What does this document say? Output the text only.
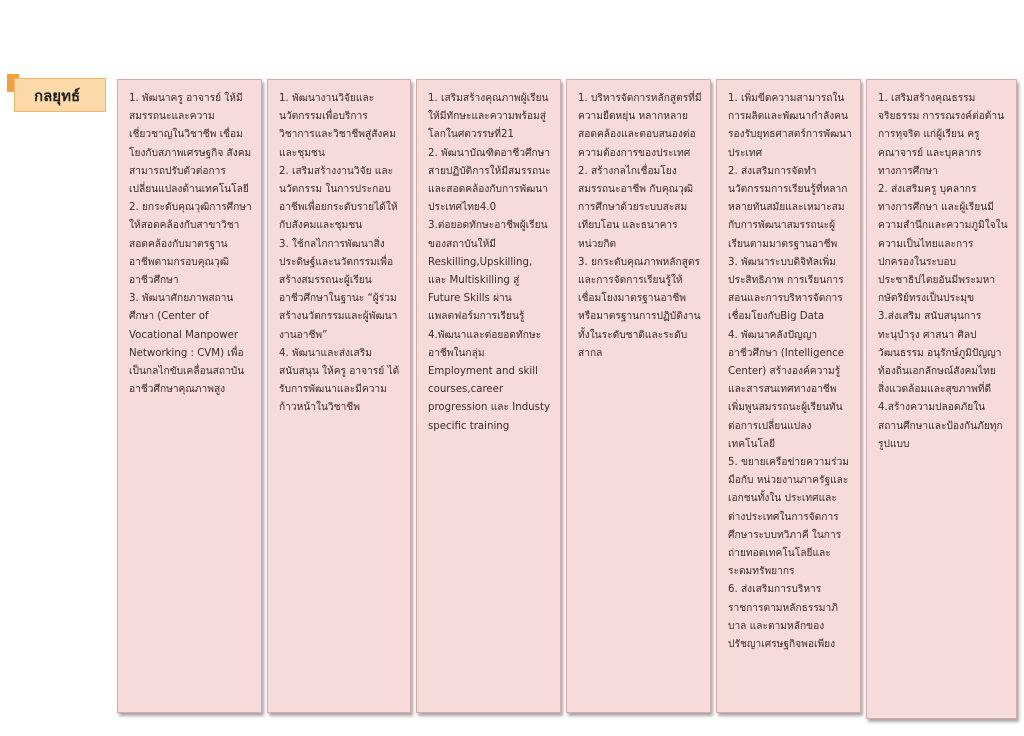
กลยุทธ์	1. พัฒนาครู อาจารย์ ให้มีสมรรถนะและความเชี่ยวชาญในวิชาชีพ เชื่อมโยงกับสภาพเศรษฐกิจ สังคมสามารถปรับตัวต่อการเปลี่ยนแปลงด้านเทคโนโลยี
2. ยกระดับคุณวุฒิการศึกษาให้สอดคล้องกับสาขาวิชาสอดคล้องกับมาตรฐานอาชีพตามกรอบคุณวุฒิอาชีวศึกษา
3. พัฒนาศักยภาพสถานศึกษา (Center of Vocational Manpower Networking : CVM) เพื่อเป็นกลไกขับเคลื่อนสถาบันอาชีวศึกษาคุณภาพสูง

1. พัฒนางานวิจัยและนวัตกรรมเพื่อบริการวิชาการและวิชาชีพสู่สังคมและชุมชน
2. เสริมสร้างงานวิจัย และนวัตกรรม ในการประกอบอาชีพเพื่อยกระดับรายได้ให้กับสังคมและชุมชน
3. ใช้กลไกการพัฒนาสิ่งประดิษฐ์และนวัตกรรมเพื่อสร้างสมรรถนะผู้เรียนอาชีวศึกษาในฐานะ “ผู้ร่วมสร้างนวัตกรรมและผู้พัฒนางานอาชีพ”
4. พัฒนาและส่งเสริม สนับสนุน ให้ครู อาจารย์ ได้รับการพัฒนาและมีความก้าวหน้าในวิชาชีพ

1. เสริมสร้างคุณภาพผู้เรียนให้มีทักษะและความพร้อมสู่โลกในศตวรรษที่21
2. พัฒนาบัณฑิตอาชีวศึกษาสายปฏิบัติการให้มีสมรรถนะและสอดคล้องกับการพัฒนาประเทศไทย4.0
3.ต่อยอดทักษะอาชีพผู้เรียนของสถาบันให้มี Reskilling,Upskilling, และ Multiskilling สู่ Future Skills ผ่านแพลตฟอร์มการเรียนรู้
4.พัฒนาและต่อยอดทักษะอาชีพในกลุ่ม Employment and skill courses,career progression และ Industy specific training

1. บริหารจัดการหลักสูตรที่มีความยืดหยุ่น หลากหลาย สอดคล้องและตอบสนองต่อความต้องการของประเทศ
2. สร้างกลไกเชื่อมโยงสมรรถนะอาชีพ กับคุณวุฒิการศึกษาด้วยระบบสะสมเทียบโอน และธนาคารหน่วยกิต
3. ยกระดับคุณภาพหลักสูตรและการจัดการเรียนรู้ให้เชื่อมโยงมาตรฐานอาชีพหรือมาตรฐานการปฏิบัติงานทั้งในระดับชาติและระดับสากล

1. เพิ่มขีดความสามารถในการผลิตและพัฒนากำลังคนรองรับยุทธศาสตร์การพัฒนาประเทศ
2. ส่งเสริมการจัดทำนวัตกรรมการเรียนรู้ที่หลากหลายทันสมัยและเหมาะสมกับการพัฒนาสมรรถนะผู้เรียนตามมาตรฐานอาชีพ
3. พัฒนาระบบดิจิทัลเพิ่มประสิทธิภาพ การเรียนการสอนและการบริหารจัดการเชื่อมโยงกับBig Data
4. พัฒนาคลังปัญญาอาชีวศึกษา (Intelligence Center) สร้างองค์ความรู้และสารสนเทศทางอาชีพเพิ่มพูนสมรรถนะผู้เรียนทันต่อการเปลี่ยนแปลงเทคโนโลยี
5. ขยายเครือข่ายความร่วมมือกับ หน่วยงานภาครัฐและเอกชนทั้งใน ประเทศและต่างประเทศในการจัดการศึกษาระบบทวิภาคี ในการถ่ายทอดเทคโนโลยีและระดมทรัพยากร
6. ส่งเสริมการบริหารราชการตามหลักธรรมาภิบาล และตามหลักของปรัชญาเศรษฐกิจพอเพียง

1. เสริมสร้างคุณธรรมจริยธรรม การรณรงค์ต่อต้านการทุจริต แก่ผู้เรียน ครู คณาจารย์ และบุคลากรทางการศึกษา
2. ส่งเสริมครู บุคลากรทางการศึกษา และผู้เรียนมีความสำนึกและความภูมิใจในความเป็นไทยและการปกครองในระบอบประชาธิปไตยอันมีพระมหากษัตริย์ทรงเป็นประมุข
3.ส่งเสริม สนับสนุนการทะนุบำรุง ศาสนา ศิลปวัฒนธรรม อนุรักษ์ภูมิปัญญาท้องถิ่นเอกลักษณ์สังคมไทย สิ่งแวดล้อมและสุขภาพที่ดี
4.สร้างความปลอดภัยในสถานศึกษาและป้องกันภัยทุกรูปแบบ
